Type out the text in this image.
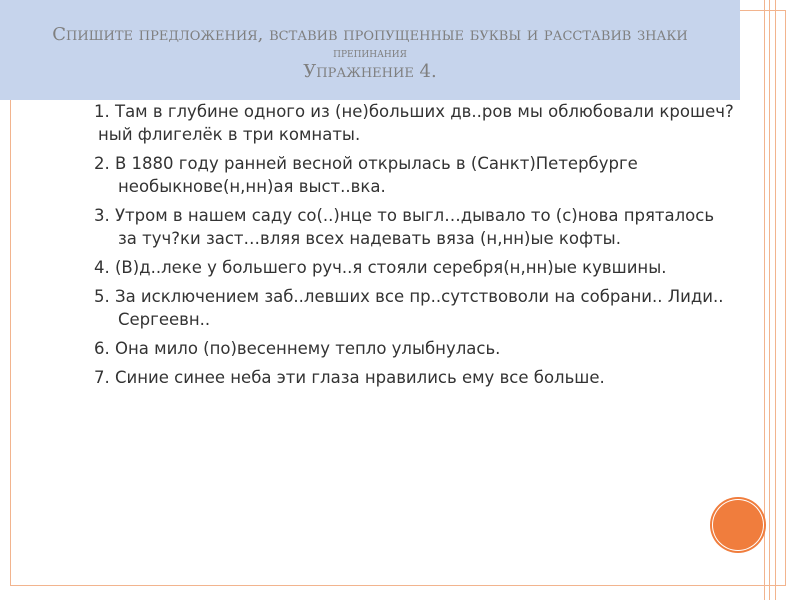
Спишите предложения, вставив пропущенные буквы и расставив знаки
препинания
Упражнение 4.
1. Там в глубине одного из (не)больших дв..ров мы облюбовали крошеч?ный флигелёк в три комнаты.
2. В 1880 году ранней весной открылась в (Санкт)Петербурге необыкнове(н,нн)ая выст..вка.
3. Утром в нашем саду со(..)нце то выгл…дывало то (с)нова пряталось за туч?ки заст…вляя всех надевать вяза (н,нн)ые кофты.
4. (В)д..леке у большего руч..я стояли серебря(н,нн)ые кувшины.
5. За исключением заб..левших все пр..сутствоволи на собрани.. Лиди.. Сергеевн..
6. Она мило (по)весеннему тепло улыбнулась.
7. Синие синее неба эти глаза нравились ему все больше.
